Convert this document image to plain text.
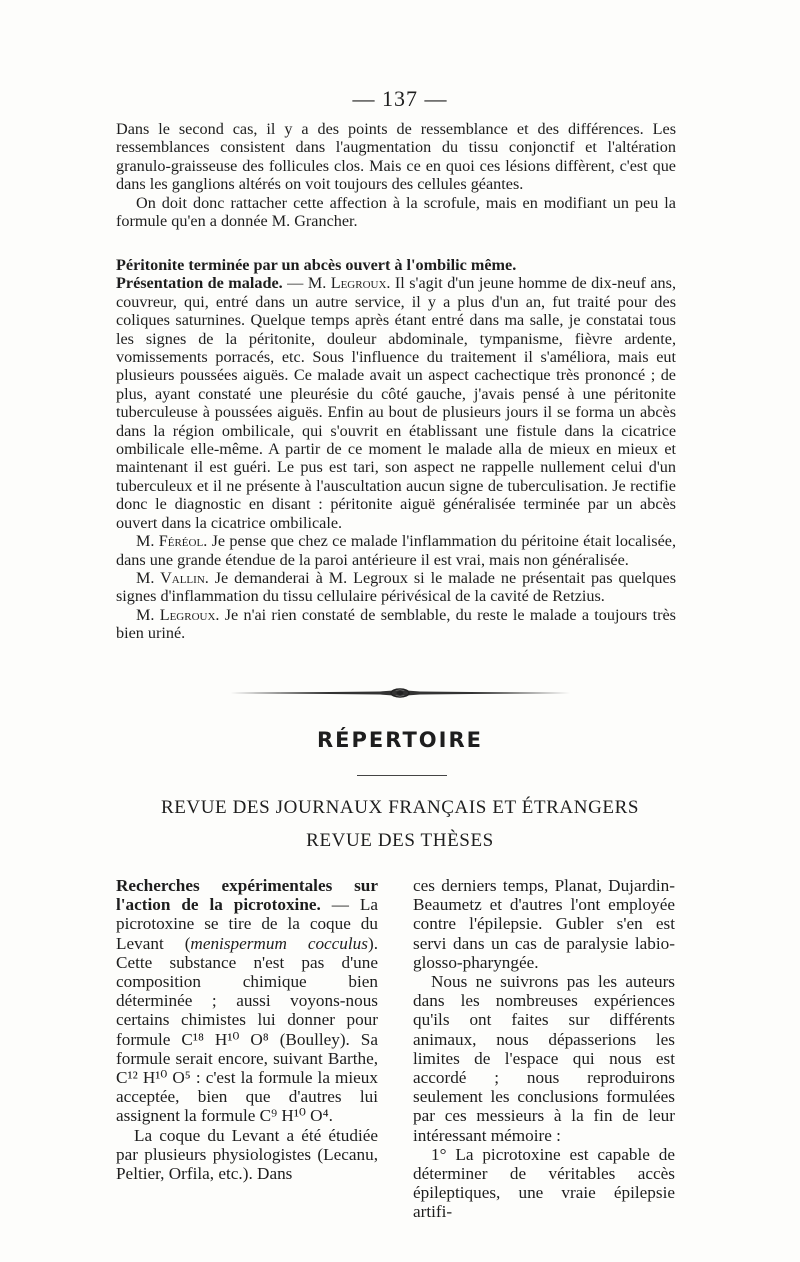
— 137 —

Dans le second cas, il y a des points de ressemblance et des différences. Les ressemblances consistent dans l'augmentation du tissu conjonctif et l'altération granulo-graisseuse des follicules clos. Mais ce en quoi ces lésions diffèrent, c'est que dans les ganglions altérés on voit toujours des cellules géantes.

On doit donc rattacher cette affection à la scrofule, mais en modifiant un peu la formule qu'en a donnée M. Grancher.

Péritonite terminée par un abcès ouvert à l'ombilic même.
Présentation de malade. — M. Legroux. Il s'agit d'un jeune homme de dix-neuf ans, couvreur, qui, entré dans un autre service, il y a plus d'un an, fut traité pour des coliques saturnines. Quelque temps après étant entré dans ma salle, je constatai tous les signes de la péritonite, douleur abdominale, tympanisme, fièvre ardente, vomissements porracés, etc. Sous l'influence du traitement il s'améliora, mais eut plusieurs poussées aiguës. Ce malade avait un aspect cachectique très prononcé ; de plus, ayant constaté une pleurésie du côté gauche, j'avais pensé à une péritonite tuberculeuse à poussées aiguës. Enfin au bout de plusieurs jours il se forma un abcès dans la région ombilicale, qui s'ouvrit en établissant une fistule dans la cicatrice ombilicale elle-même. A partir de ce moment le malade alla de mieux en mieux et maintenant il est guéri. Le pus est tari, son aspect ne rappelle nullement celui d'un tuberculeux et il ne présente à l'auscultation aucun signe de tuberculisation. Je rectifie donc le diagnostic en disant : péritonite aiguë généralisée terminée par un abcès ouvert dans la cicatrice ombilicale.

M. Féréol. Je pense que chez ce malade l'inflammation du péritoine était localisée, dans une grande étendue de la paroi antérieure il est vrai, mais non généralisée.

M. Vallin. Je demanderai à M. Legroux si le malade ne présentait pas quelques signes d'inflammation du tissu cellulaire périvésical de la cavité de Retzius.

M. Legroux. Je n'ai rien constaté de semblable, du reste le malade a toujours très bien uriné.

RÉPERTOIRE
REVUE DES JOURNAUX FRANÇAIS ET ÉTRANGERS
REVUE DES THÈSES

Recherches expérimentales sur l'action de la picrotoxine. — La picrotoxine se tire de la coque du Levant (menispermum cocculus). Cette substance n'est pas d'une composition chimique bien déterminée ; aussi voyons-nous certains chimistes lui donner pour formule C¹⁸ H¹⁰ O⁸ (Boulley). Sa formule serait encore, suivant Barthe, C¹² H¹⁰ O⁵ : c'est la formule la mieux acceptée, bien que d'autres lui assignent la formule C⁹ H¹⁰ O⁴.

La coque du Levant a été étudiée par plusieurs physiologistes (Lecanu, Peltier, Orfila, etc.). Dans

ces derniers temps, Planat, Dujardin-Beaumetz et d'autres l'ont employée contre l'épilepsie. Gubler s'en est servi dans un cas de paralysie labio-glosso-pharyngée.

Nous ne suivrons pas les auteurs dans les nombreuses expériences qu'ils ont faites sur différents animaux, nous dépasserions les limites de l'espace qui nous est accordé ; nous reproduirons seulement les conclusions formulées par ces messieurs à la fin de leur intéressant mémoire :

1° La picrotoxine est capable de déterminer de véritables accès épileptiques, une vraie épilepsie artifi-
